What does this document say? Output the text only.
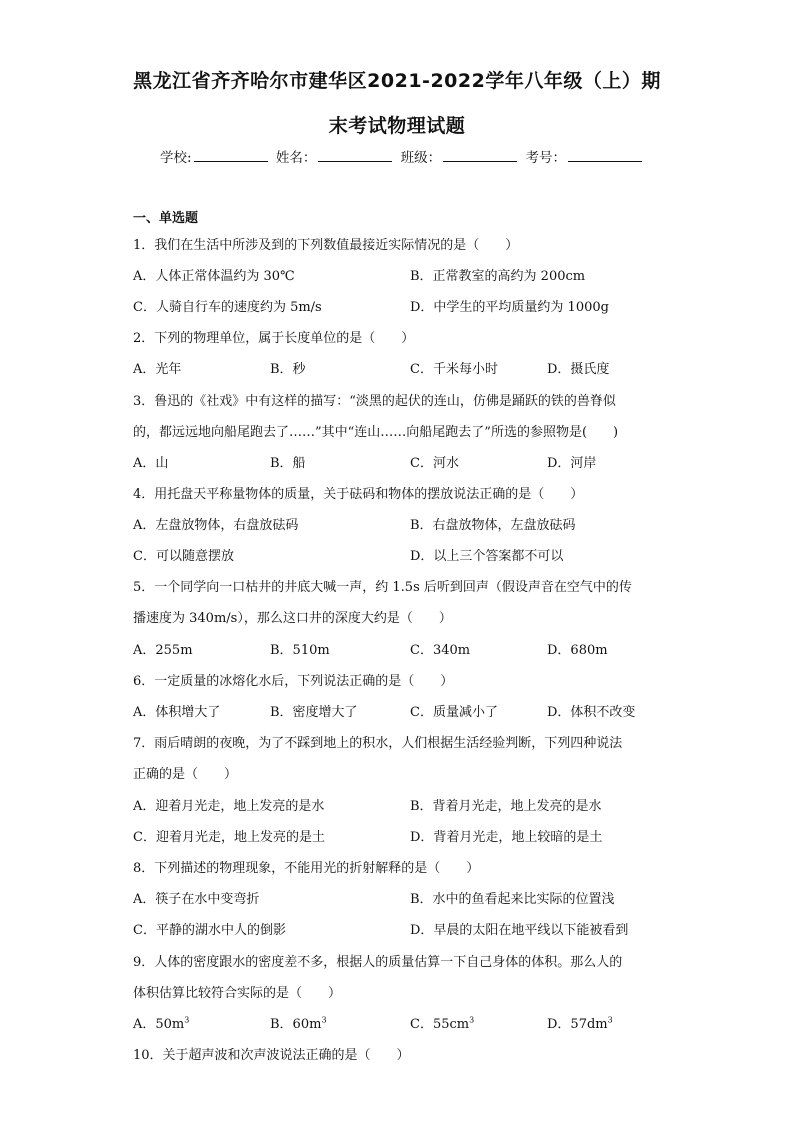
黑龙江省齐齐哈尔市建华区2021-2022学年八年级（上）期
末考试物理试题
学校:	姓名：	班级：	考号：
一、单选题
1．我们在生活中所涉及到的下列数值最接近实际情况的是（　　）
A．人体正常体温约为 30℃	B．正常教室的高约为 200cm
C．人骑自行车的速度约为 5m/s	D．中学生的平均质量约为 1000g
2．下列的物理单位，属于长度单位的是（　　）
A．光年	B．秒	C．千米每小时	D．摄氏度
3．鲁迅的《社戏》中有这样的描写：“淡黑的起伏的连山，仿佛是踊跃的铁的兽脊似
的，都远远地向船尾跑去了……”其中“连山……向船尾跑去了”所选的参照物是(　　)
A．山	B．船	C．河水	D．河岸
4．用托盘天平称量物体的质量，关于砝码和物体的摆放说法正确的是（　　）
A．左盘放物体，右盘放砝码	B．右盘放物体，左盘放砝码
C．可以随意摆放	D．以上三个答案都不可以
5．一个同学向一口枯井的井底大喊一声，约 1.5s 后听到回声（假设声音在空气中的传
播速度为 340m/s），那么这口井的深度大约是（　　）
A．255m	B．510m	C．340m	D．680m
6．一定质量的冰熔化水后，下列说法正确的是（　　）
A．体积增大了	B．密度增大了	C．质量减小了	D．体积不改变
7．雨后晴朗的夜晚，为了不踩到地上的积水，人们根据生活经验判断，下列四种说法
正确的是（　　）
A．迎着月光走，地上发亮的是水	B．背着月光走，地上发亮的是水
C．迎着月光走，地上发亮的是土	D．背着月光走，地上较暗的是土
8．下列描述的物理现象，不能用光的折射解释的是（　　）
A．筷子在水中变弯折	B．水中的鱼看起来比实际的位置浅
C．平静的湖水中人的倒影	D．早晨的太阳在地平线以下能被看到
9．人体的密度跟水的密度差不多，根据人的质量估算一下自己身体的体积。那么人的
体积估算比较符合实际的是（　　）
A．$50m^3$	B．$60m^3$	C．$55cm^3$	D．$57dm^3$
10．关于超声波和次声波说法正确的是（　　）
